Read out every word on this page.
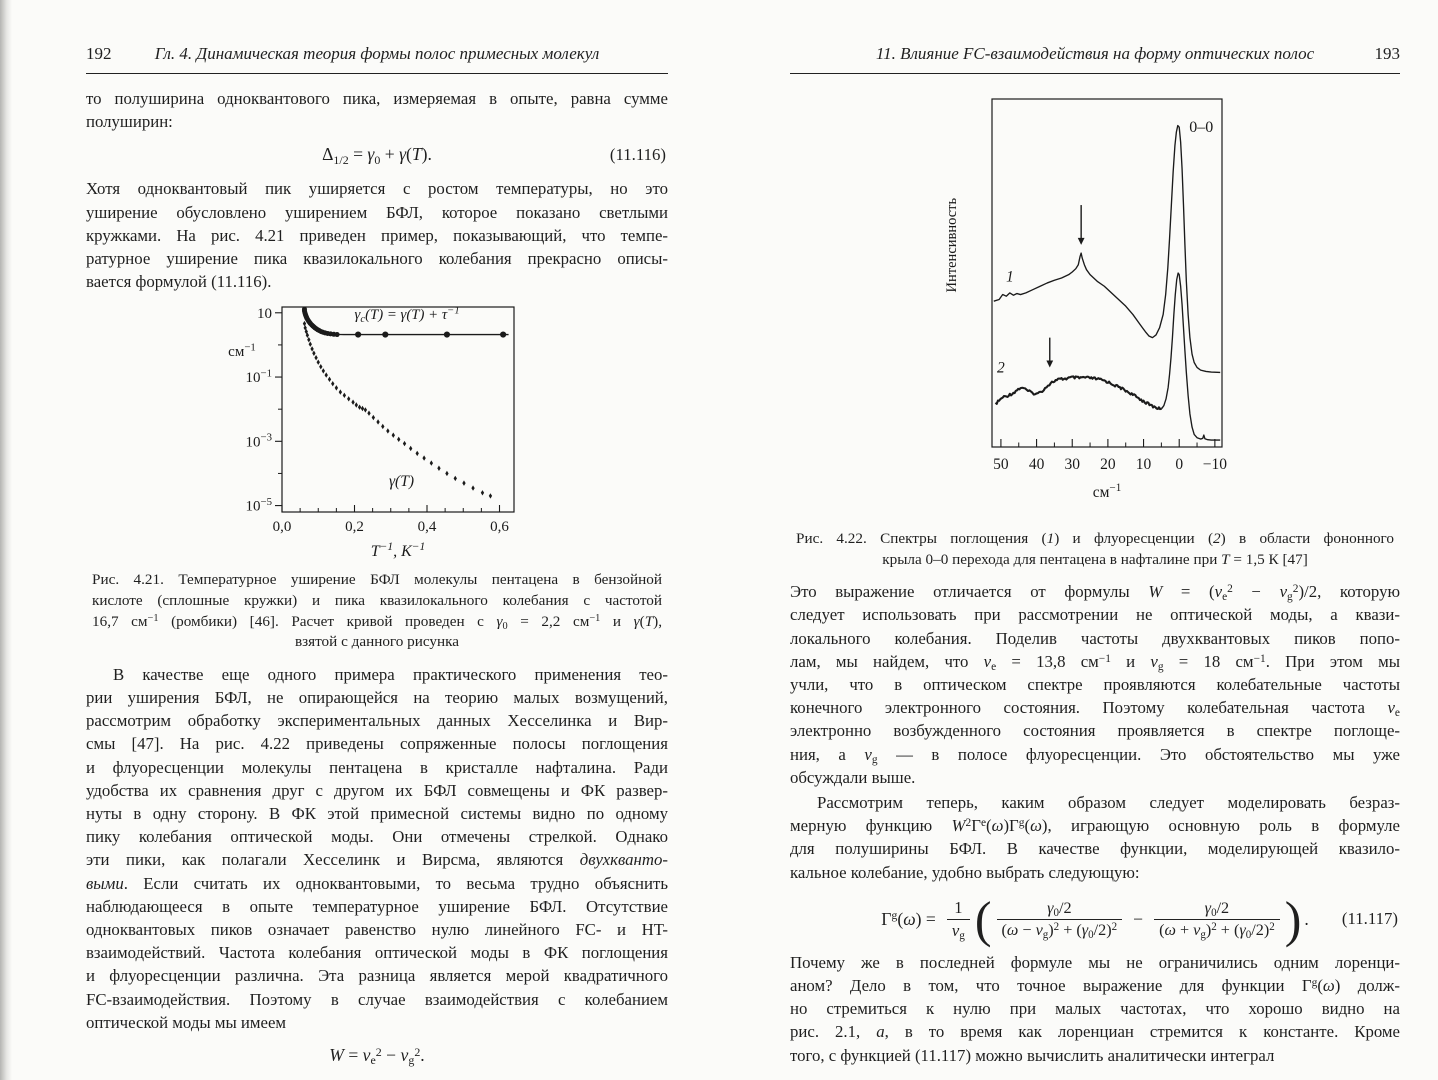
192	Гл. 4. Динамическая теория формы полос примесных молекул
то полуширина одноквантового пика, измеряемая в опыте, равна сумме
полуширин:
$\Delta_{1/2} = \gamma_0 + \gamma(T)$.	(11.116)
Хотя одноквантовый пик уширяется с ростом температуры, но это
уширение обусловлено уширением БФЛ, которое показано светлыми
кружками. На рис. 4.21 приведен пример, показывающий, что темпе-
ратурное уширение пика квазилокального колебания прекрасно описы-
вается формулой (11.116).
0,0	0,2	0,4	0,6
10
$10^{-1}$
$10^{-3}$
$10^{-5}$
$см^{-1}$
$T^{-1}$, $К^{-1}$
$\gamma_c(T) = \gamma(T) + \tau^{-1}$
γ(T)
Рис. 4.21. Температурное уширение БФЛ молекулы пентацена в бензойной
кислоте (сплошные кружки) и пика квазилокального колебания с частотой
16,7 $см^{-1}$ (ромбики) [46]. Расчет кривой проведен с $\gamma_0 = 2,2$ $см^{-1}$ и γ(T),
взятой с данного рисунка
В качестве еще одного примера практического применения тео-
рии уширения БФЛ, не опирающейся на теорию малых возмущений,
рассмотрим обработку экспериментальных данных Хесселинка и Вир-
смы [47]. На рис. 4.22 приведены сопряженные полосы поглощения
и флуоресценции молекулы пентацена в кристалле нафталина. Ради
удобства их сравнения друг с другом их БФЛ совмещены и ФК развер-
нуты в одну сторону. В ФК этой примесной системы видно по одному
пику колебания оптической моды. Они отмечены стрелкой. Однако
эти пики, как полагали Хесселинк и Вирсма, являются двухкванто-
выми. Если считать их одноквантовыми, то весьма трудно объяснить
наблюдающееся в опыте температурное уширение БФЛ. Отсутствие
одноквантовых пиков означает равенство нулю линейного FC- и HT-
взаимодействий. Частота колебания оптической моды в ФК поглощения
и флуоресценции различна. Эта разница является мерой квадратичного
FC-взаимодействия. Поэтому в случае взаимодействия с колебанием
оптической моды мы имеем
$W = \nu_e^2 - \nu_g^2$.
11. Влияние FC-взаимодействия на форму оптических полос	193
50 40 30 20 10 0 −10
$см^{-1}$
Интенсивность	1
2
0–0
Рис. 4.22. Спектры поглощения (1) и флуоресценции (2) в области фононного
крыла 0–0 перехода для пентацена в нафталине при T = 1,5 К [47]
Это выражение отличается от формулы $W = (\nu_e^2 - \nu_g^2)/2$, которую
следует использовать при рассмотрении не оптической моды, а квази-
локального колебания. Поделив частоты двухквантовых пиков попо-
лам, мы найдем, что $\nu_e = 13,8$ $см^{-1}$ и $\nu_g = 18$ $см^{-1}$. При этом мы
учли, что в оптическом спектре проявляются колебательные частоты
конечного электронного состояния. Поэтому колебательная частота $\nu_e$
электронно возбужденного состояния проявляется в спектре поглоще-
ния, а $\nu_g$ — в полосе флуоресценции. Это обстоятельство мы уже
обсуждали выше.
Рассмотрим теперь, каким образом следует моделировать безраз-
мерную функцию $W^2\Gamma^e(\omega)\Gamma^g(\omega)$, играющую основную роль в формуле
для полуширины БФЛ. В качестве функции, моделирующей квазило-
кальное колебание, удобно выбрать следующую:
$\Gamma^g(\omega) = \frac{1}{\nu_g}$ ( $\frac{\gamma_0/2}{(\omega - \nu_g)^2 + (\gamma_0/2)^2} - \frac{\gamma_0/2}{(\omega + \nu_g)^2 + (\gamma_0/2)^2}$ ) . (11.117)
Почему же в последней формуле мы не ограничились одним лоренци-
аном? Дело в том, что точное выражение для функции $\Gamma^g(\omega)$ долж-
но стремиться к нулю при малых частотах, что хорошо видно на
рис. 2.1, а, в то время как лоренциан стремится к константе. Кроме
того, с функцией (11.117) можно вычислить аналитически интеграл
